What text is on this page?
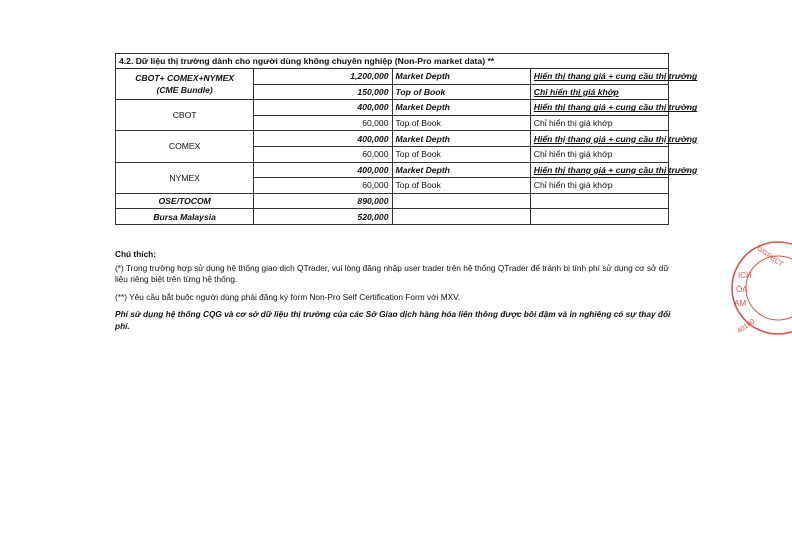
4.2. Dữ liệu thị trường dành cho người dùng không chuyên nghiệp (Non-Pro market data) **			

CBOT+ COMEX+NYMEX
(CME Bundle)	1,200,000	Market Depth	Hiển thị thang giá + cung cầu thị trường
	150,000	Top of Book	Chỉ hiển thị giá khớp
CBOT	400,000	Market Depth	Hiển thị thang giá + cung cầu thị trường
	60,000	Top of Book	Chỉ hiển thị giá khớp
COMEX	400,000	Market Depth	Hiển thị thang giá + cung cầu thị trường
	60,000	Top of Book	Chỉ hiển thị giá khớp
NYMEX	400,000	Market Depth	Hiển thị thang giá + cung cầu thị trường
	60,000	Top of Book	Chỉ hiển thị giá khớp
OSE/TOCOM	890,000		
Bursa Malaysia	520,000		

Chú thích:

(*) Trong trường hợp sử dụng hệ thống giao dịch QTrader, vui lòng đăng nhập user trader trên hệ thống QTrader để tránh bị tính phí sử dụng cơ sở dữ liệu riêng biệt trên từng hệ thống.

(**) Yêu cầu bắt buộc người dùng phải đăng ký form Non-Pro Self Certification Form với MXV.

Phí sử dụng hệ thống CQG và cơ sở dữ liệu thị trường của các Sở Giao dịch hàng hóa liên thông được bôi đậm và in nghiêng có sự thay đổi phí.

0/GPBCT
ICH
ÓA
AM
40180
